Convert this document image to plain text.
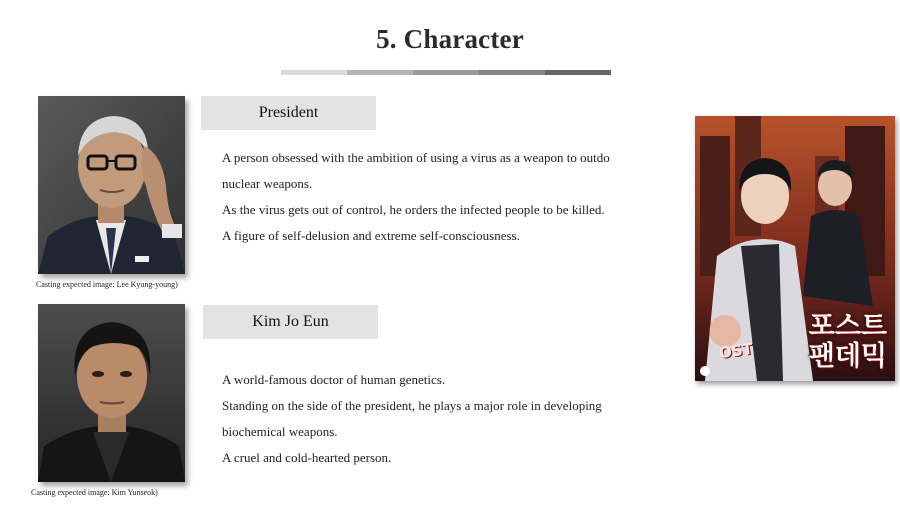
5. Character
Casting expected image: Lee Kyung-young)
President
A person obsessed with the ambition of using a virus as a weapon to outdo
nuclear weapons.
As the virus gets out of control, he orders the infected people to be killed.
A figure of self-delusion and extreme self-consciousness.
Casting expected image: Kim Yunseok)
Kim Jo Eun
A world-famous doctor of human genetics.
Standing on the side of the president, he plays a major role in developing
biochemical weapons.
A cruel and cold-hearted person.
포스트
팬데믹
OST
